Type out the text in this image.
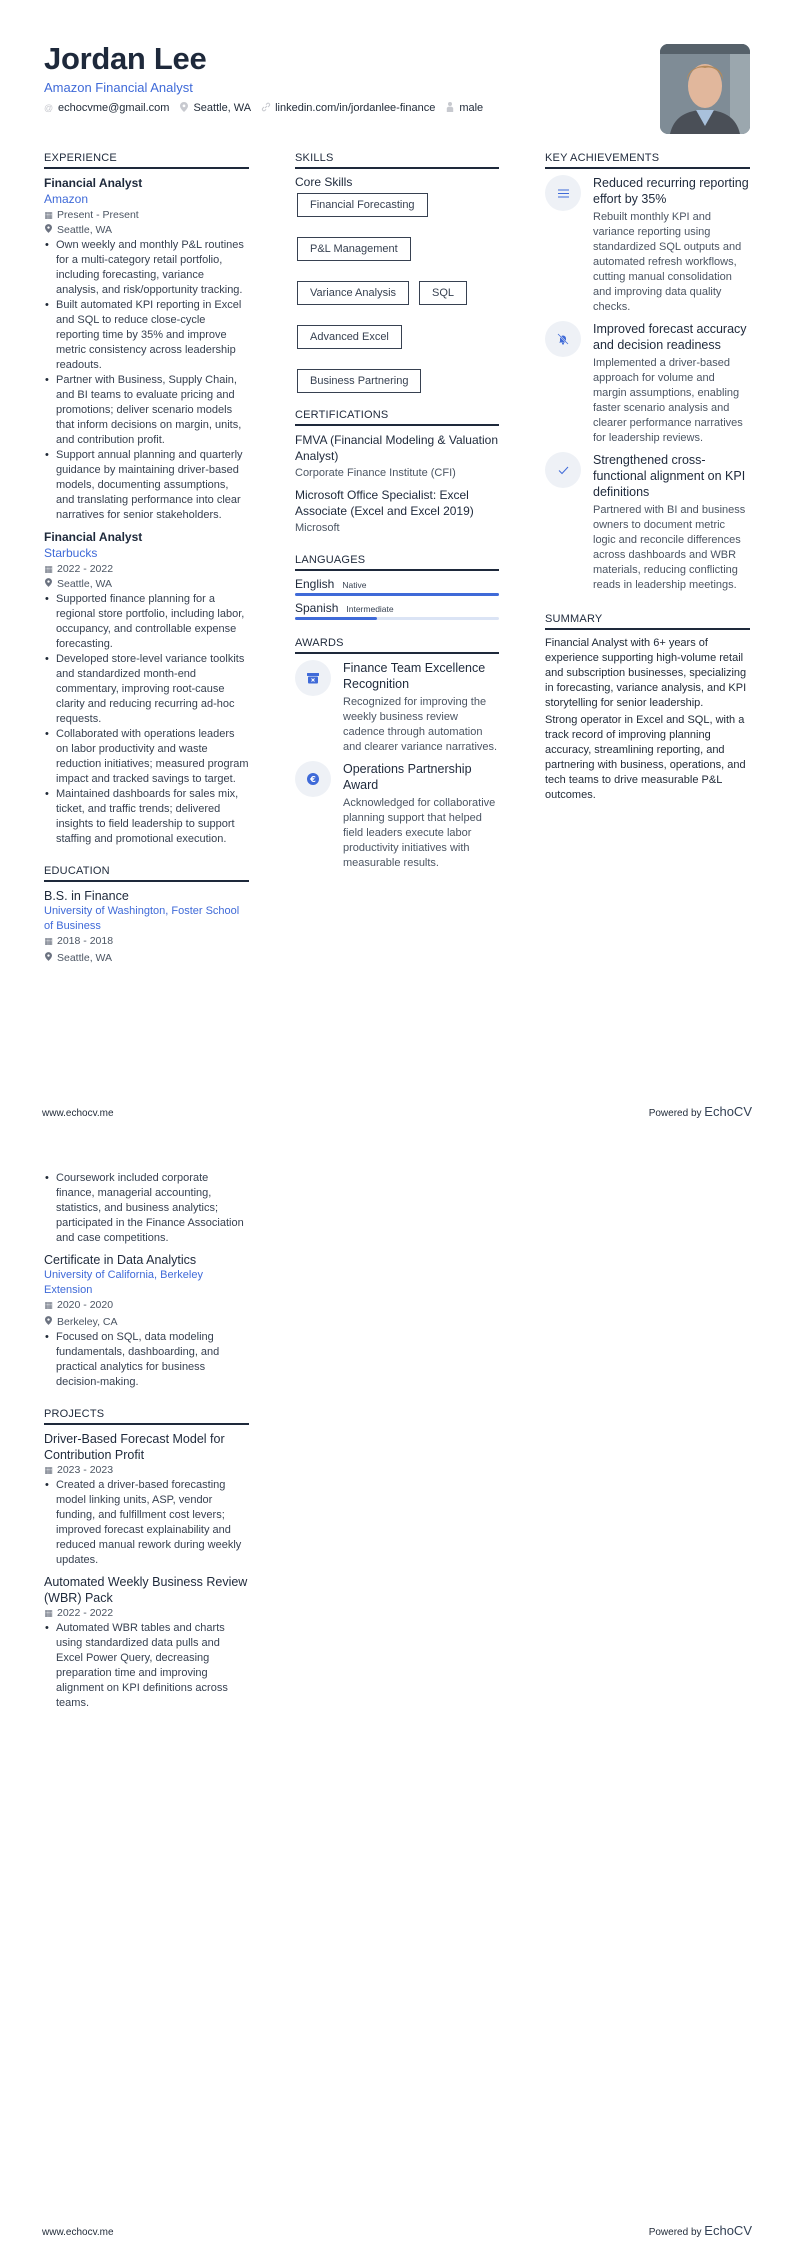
Jordan Lee
Amazon Financial Analyst
@ echocvme@gmail.com Seattle, WA linkedin.com/in/jordanlee-finance male
EXPERIENCE
Financial Analyst
Amazon
▦ Present - Present
Seattle, WA
• Own weekly and monthly P&L routines for a multi-category retail portfolio, including forecasting, variance analysis, and risk/opportunity tracking.
• Built automated KPI reporting in Excel and SQL to reduce close-cycle reporting time by 35% and improve metric consistency across leadership readouts.
• Partner with Business, Supply Chain, and BI teams to evaluate pricing and promotions; deliver scenario models that inform decisions on margin, units, and contribution profit.
• Support annual planning and quarterly guidance by maintaining driver-based models, documenting assumptions, and translating performance into clear narratives for senior stakeholders.
Financial Analyst
Starbucks
▦ 2022 - 2022
Seattle, WA
• Supported finance planning for a regional store portfolio, including labor, occupancy, and controllable expense forecasting.
• Developed store-level variance toolkits and standardized month-end commentary, improving root-cause clarity and reducing recurring ad-hoc requests.
• Collaborated with operations leaders on labor productivity and waste reduction initiatives; measured program impact and tracked savings to target.
• Maintained dashboards for sales mix, ticket, and traffic trends; delivered insights to field leadership to support staffing and promotional execution.
EDUCATION
B.S. in Finance
University of Washington, Foster School of Business
▦ 2018 - 2018
Seattle, WA
SKILLS
Core Skills
Financial Forecasting
P&L Management
Variance Analysis	SQL
Advanced Excel
Business Partnering
CERTIFICATIONS
FMVA (Financial Modeling & Valuation Analyst)
Corporate Finance Institute (CFI)
Microsoft Office Specialist: Excel Associate (Excel and Excel 2019)
Microsoft
LANGUAGES
English Native
Spanish Intermediate
AWARDS
Finance Team Excellence Recognition
Recognized for improving the weekly business review cadence through automation and clearer variance narratives.
€
Operations Partnership Award
Acknowledged for collaborative planning support that helped field leaders execute labor productivity initiatives with measurable results.
KEY ACHIEVEMENTS
Reduced recurring reporting effort by 35%
Rebuilt monthly KPI and variance reporting using standardized SQL outputs and automated refresh workflows, cutting manual consolidation and improving data quality checks.
Improved forecast accuracy and decision readiness
Implemented a driver-based approach for volume and margin assumptions, enabling faster scenario analysis and clearer performance narratives for leadership reviews.
Strengthened cross-functional alignment on KPI definitions
Partnered with BI and business owners to document metric logic and reconcile differences across dashboards and WBR materials, reducing conflicting reads in leadership meetings.
SUMMARY

Financial Analyst with 6+ years of experience supporting high-volume retail and subscription businesses, specializing in forecasting, variance analysis, and KPI storytelling for senior leadership.

Strong operator in Excel and SQL, with a track record of improving planning accuracy, streamlining reporting, and partnering with business, operations, and tech teams to drive measurable P&L outcomes.

www.echocv.me	Powered by EchoCV
• Coursework included corporate finance, managerial accounting, statistics, and business analytics; participated in the Finance Association and case competitions.
Certificate in Data Analytics
University of California, Berkeley Extension
▦ 2020 - 2020
Berkeley, CA
• Focused on SQL, data modeling fundamentals, dashboarding, and practical analytics for business decision-making.
PROJECTS
Driver-Based Forecast Model for Contribution Profit
▦ 2023 - 2023
• Created a driver-based forecasting model linking units, ASP, vendor funding, and fulfillment cost levers; improved forecast explainability and reduced manual rework during weekly updates.
Automated Weekly Business Review (WBR) Pack
▦ 2022 - 2022
• Automated WBR tables and charts using standardized data pulls and Excel Power Query, decreasing preparation time and improving alignment on KPI definitions across teams.
www.echocv.me	Powered by EchoCV
